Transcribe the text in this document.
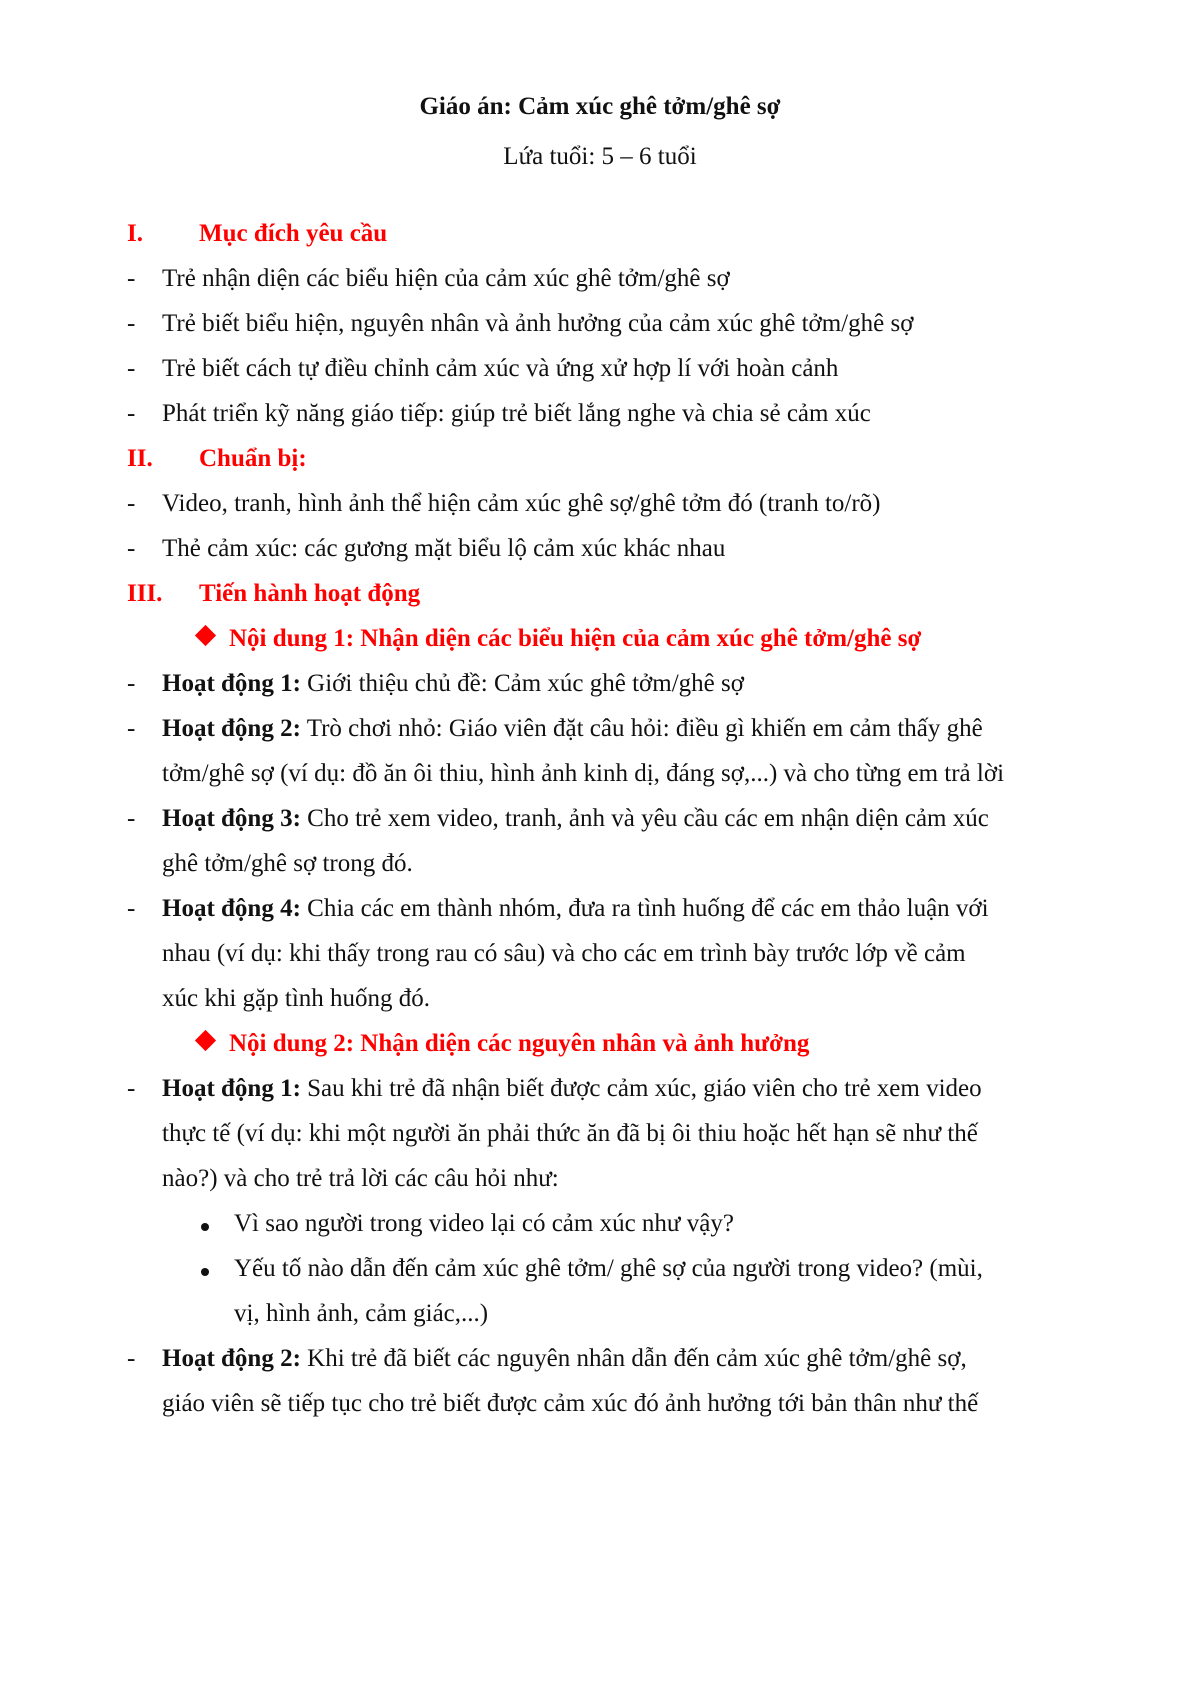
Giáo án: Cảm xúc ghê tởm/ghê sợ
Lứa tuổi: 5 – 6 tuổi
I. Mục đích yêu cầu
- Trẻ nhận diện các biểu hiện của cảm xúc ghê tởm/ghê sợ
- Trẻ biết biểu hiện, nguyên nhân và ảnh hưởng của cảm xúc ghê tởm/ghê sợ
- Trẻ biết cách tự điều chỉnh cảm xúc và ứng xử hợp lí với hoàn cảnh
- Phát triển kỹ năng giáo tiếp: giúp trẻ biết lắng nghe và chia sẻ cảm xúc
II. Chuẩn bị:
- Video, tranh, hình ảnh thể hiện cảm xúc ghê sợ/ghê tởm đó (tranh to/rõ)
- Thẻ cảm xúc: các gương mặt biểu lộ cảm xúc khác nhau
III. Tiến hành hoạt động
Nội dung 1: Nhận diện các biểu hiện của cảm xúc ghê tởm/ghê sợ
- Hoạt động 1: Giới thiệu chủ đề: Cảm xúc ghê tởm/ghê sợ
- Hoạt động 2: Trò chơi nhỏ: Giáo viên đặt câu hỏi: điều gì khiến em cảm thấy ghê
tởm/ghê sợ (ví dụ: đồ ăn ôi thiu, hình ảnh kinh dị, đáng sợ,...) và cho từng em trả lời
- Hoạt động 3: Cho trẻ xem video, tranh, ảnh và yêu cầu các em nhận diện cảm xúc
ghê tởm/ghê sợ trong đó.
- Hoạt động 4: Chia các em thành nhóm, đưa ra tình huống để các em thảo luận với
nhau (ví dụ: khi thấy trong rau có sâu) và cho các em trình bày trước lớp về cảm
xúc khi gặp tình huống đó.
Nội dung 2: Nhận diện các nguyên nhân và ảnh hưởng
- Hoạt động 1: Sau khi trẻ đã nhận biết được cảm xúc, giáo viên cho trẻ xem video
thực tế (ví dụ: khi một người ăn phải thức ăn đã bị ôi thiu hoặc hết hạn sẽ như thế
nào?) và cho trẻ trả lời các câu hỏi như:
Vì sao người trong video lại có cảm xúc như vậy?
Yếu tố nào dẫn đến cảm xúc ghê tởm/ ghê sợ của người trong video? (mùi,
vị, hình ảnh, cảm giác,...)
- Hoạt động 2: Khi trẻ đã biết các nguyên nhân dẫn đến cảm xúc ghê tởm/ghê sợ,
giáo viên sẽ tiếp tục cho trẻ biết được cảm xúc đó ảnh hưởng tới bản thân như thế
